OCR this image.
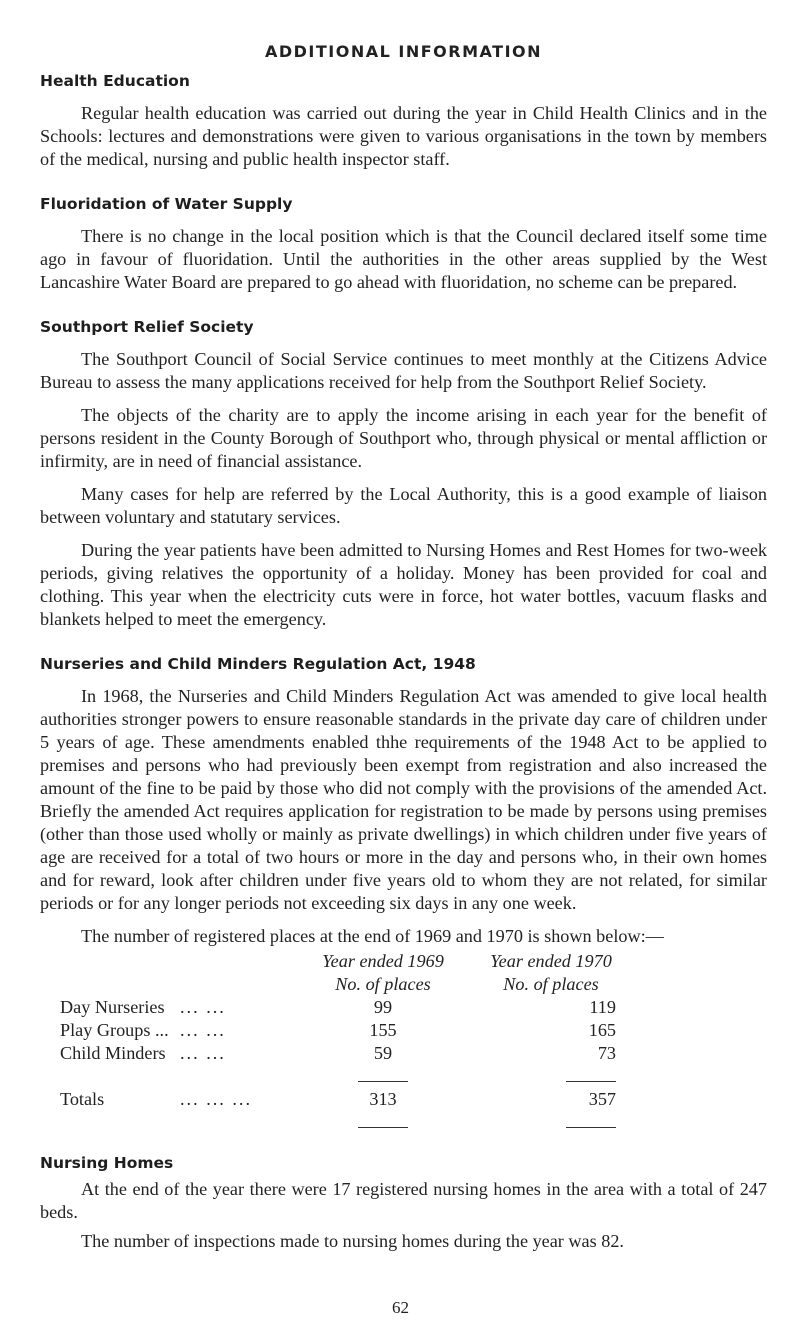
ADDITIONAL INFORMATION
Health Education

Regular health education was carried out during the year in Child Health Clinics and in the Schools: lectures and demonstrations were given to various organisations in the town by members of the medical, nursing and public health inspector staff.

Fluoridation of Water Supply

There is no change in the local position which is that the Council declared itself some time ago in favour of fluoridation. Until the authorities in the other areas supplied by the West Lancashire Water Board are prepared to go ahead with fluoridation, no scheme can be prepared.

Southport Relief Society

The Southport Council of Social Service continues to meet monthly at the Citizens Advice Bureau to assess the many applications received for help from the Southport Relief Society.

The objects of the charity are to apply the income arising in each year for the benefit of persons resident in the County Borough of Southport who, through physical or mental affliction or infirmity, are in need of financial assistance.

Many cases for help are referred by the Local Authority, this is a good example of liaison between voluntary and statutary services.

During the year patients have been admitted to Nursing Homes and Rest Homes for two-week periods, giving relatives the opportunity of a holiday. Money has been provided for coal and clothing. This year when the electricity cuts were in force, hot water bottles, vacuum flasks and blankets helped to meet the emergency.

Nurseries and Child Minders Regulation Act, 1948

In 1968, the Nurseries and Child Minders Regulation Act was amended to give local health authorities stronger powers to ensure reasonable standards in the private day care of children under 5 years of age. These amendments enabled thhe requirements of the 1948 Act to be applied to premises and persons who had previously been exempt from registration and also increased the amount of the fine to be paid by those who did not comply with the provisions of the amended Act. Briefly the amended Act requires application for registration to be made by persons using premises (other than those used wholly or mainly as private dwellings) in which children under five years of age are received for a total of two hours or more in the day and persons who, in their own homes and for reward, look after children under five years old to whom they are not related, for similar periods or for any longer periods not exceeding six days in any one week.

The number of registered places at the end of 1969 and 1970 is shown below:—

		Year ended 1969	Year ended 1970
		No. of places	No. of places
Day Nurseries	... ...	99	119
Play Groups ...	... ...	155	165
Child Minders	... ...	59	73

Totals	... ... ...	313	357

Nursing Homes

At the end of the year there were 17 registered nursing homes in the area with a total of 247 beds.

The number of inspections made to nursing homes during the year was 82.

62
